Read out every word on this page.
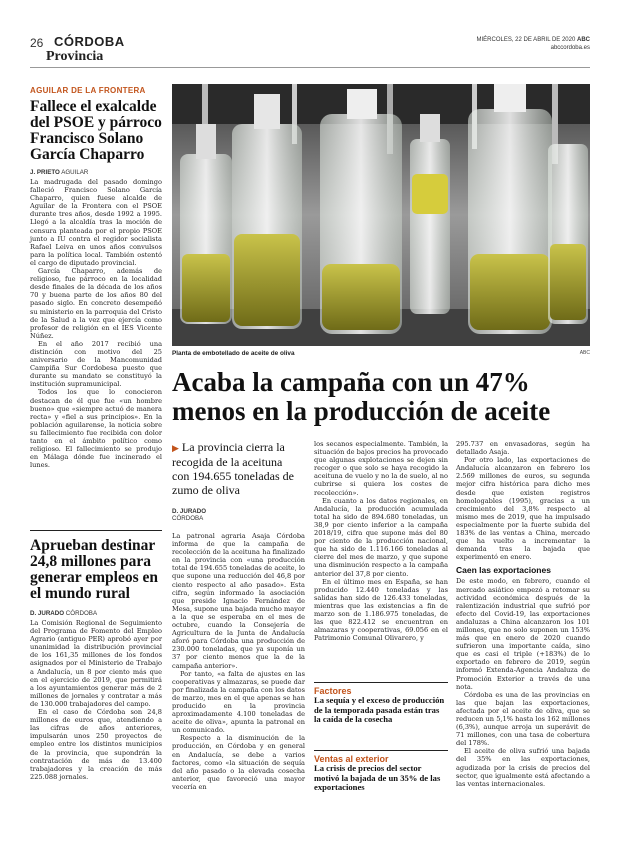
26 CÓRDOBA
Provincia
MIÉRCOLES, 22 DE ABRIL DE 2020 ABC
abccordoba.es
AGUILAR DE LA FRONTERA
Fallece el exalcalde del PSOE y párroco Francisco Solano García Chaparro
J. PRIETO AGUILAR

La madrugada del pasado domingo falleció Francisco Solano García Chaparro, quien fuese alcalde de Aguilar de la Frontera con el PSOE durante tres años, desde 1992 a 1995. Llegó a la alcaldía tras la moción de censura planteada por el propio PSOE junto a IU contra el regidor socialista Rafael Leiva en unos años convulsos para la política local. También ostentó el cargo de diputado provincial.

García Chaparro, además de religioso, fue párroco en la localidad desde finales de la década de los años 70 y buena parte de los años 80 del pasado siglo. En concreto desempeñó su ministerio en la parroquia del Cristo de la Salud a la vez que ejercía como profesor de religión en el IES Vicente Núñez.

En el año 2017 recibió una distinción con motivo del 25 aniversario de la Mancomunidad Campiña Sur Cordobesa puesto que durante su mandato se constituyó la institución supramunicipal.

Todos los que lo conocieron destacan de él que fue «un hombre bueno» que «siempre actuó de manera recta» y «fiel a sus principios». En la población aguilarense, la noticia sobre su fallecimiento fue recibida con dolor tanto en el ámbito político como religioso. El fallecimiento se produjo en Málaga dónde fue incinerado el lunes.

Aprueban destinar 24,8 millones para generar empleos en el mundo rural
D. JURADO CÓRDOBA

La Comisión Regional de Seguimiento del Programa de Fomento del Empleo Agrario (antiguo PER) aprobó ayer por unanimidad la distribución provincial de los 161,35 millones de los fondos asignados por el Ministerio de Trabajo a Andalucía, un 8 por ciento más que en el ejercicio de 2019, que permitirá a los ayuntamientos generar más de 2 millones de jornales y contratar a más de 130.000 trabajadores del campo.

En el caso de Córdoba son 24,8 millones de euros que, atendiendo a las cifras de años anteriores, impulsarán unos 250 proyectos de empleo entre los distintos municipios de la provincia, que supondrán la contratación de más de 13.400 trabajadores y la creación de más 225.088 jornales.

Planta de embotellado de aceite de oliva	ABC
Acaba la campaña con un 47% menos en la producción de aceite
▶ La provincia cierra la recogida de la aceituna con 194.655 toneladas de zumo de oliva
D. JURADO
CÓRDOBA

La patronal agraria Asaja Córdoba informa de que la campaña de recolección de la aceituna ha finalizado en la provincia con «una producción total de 194.655 toneladas de aceite, lo que supone una reducción del 46,8 por ciento respecto al año pasado». Esta cifra, según informado la asociación que preside Ignacio Fernández de Mesa, supone una bajada mucho mayor a la que se esperaba en el mes de octubre, cuando la Consejería de Agricultura de la Junta de Andalucía aforó para Córdoba una producción de 230.000 toneladas, que ya suponía un 37 por ciento menos que la de la campaña anterior».

Por tanto, «a falta de ajustes en las cooperativas y almazaras, se puede dar por finalizada la campaña con los datos de marzo, mes en el que apenas se han producido en la provincia aproximadamente 4.100 toneladas de aceite de oliva», apunta la patronal en un comunicado.

Respecto a la disminución de la producción, en Córdoba y en general en Andalucía, se debe a varios factores, como «la situación de sequía del año pasado o la elevada cosecha anterior, que favoreció una mayor vecería en

los secanos especialmente. También, la situación de bajos precios ha provocado que algunas explotaciones se dejen sin recoger o que solo se haya recogido la aceituna de vuelo y no la de suelo, al no cubrirse si quiera los costes de recolección».

En cuanto a los datos regionales, en Andalucía, la producción acumulada total ha sido de 894.680 toneladas, un 38,9 por ciento inferior a la campaña 2018/19, cifra que supone más del 80 por ciento de la producción nacional, que ha sido de 1.116.166 toneladas al cierre del mes de marzo, y que supone una disminución respecto a la campaña anterior del 37,8 por ciento.

En el último mes en España, se han producido 12.440 toneladas y las salidas han sido de 126.433 toneladas, mientras que las existencias a fin de marzo son de 1.186.975 toneladas, de las que 822.412 se encuentran en almazaras y cooperativas, 69.056 en el Patrimonio Comunal Olivarero, y

Factores
La sequía y el exceso de producción de la temporada pasada están tras la caída de la cosecha
Ventas al exterior
La crisis de precios del sector motivó la bajada de un 35% de las exportaciones

295.737 en envasadoras, según ha detallado Asaja.

Por otro lado, las exportaciones de Andalucía alcanzaron en febrero los 2.569 millones de euros, su segunda mejor cifra histórica para dicho mes desde que existen registros homologables (1995), gracias a un crecimiento del 3,8% respecto al mismo mes de 2019, que ha impulsado especialmente por la fuerte subida del 183% de las ventas a China, mercado que ha vuelto a incrementar la demanda tras la bajada que experimentó en enero.

Caen las exportaciones

De este modo, en febrero, cuando el mercado asiático empezó a retomar su actividad económica después de la ralentización industrial que sufrió por efecto del Covid-19, las exportaciones andaluzas a China alcanzaron los 101 millones, que no solo suponen un 153% más que en enero de 2020 cuando sufrieron una importante caída, sino que es casi el triple (+183%) de lo exportado en febrero de 2019, según informó Extenda-Agencia Andaluza de Promoción Exterior a través de una nota.

Córdoba es una de las provincias en las que bajan las exportaciones, afectada por el aceite de oliva, que se reducen un 5,1% hasta los 162 millones (6,3%), aunque arroja un superávit de 71 millones, con una tasa de cobertura del 178%.

El aceite de oliva sufrió una bajada del 35% en las exportaciones, agudizada por la crisis de precios del sector, que igualmente está afectando a las ventas internacionales.
